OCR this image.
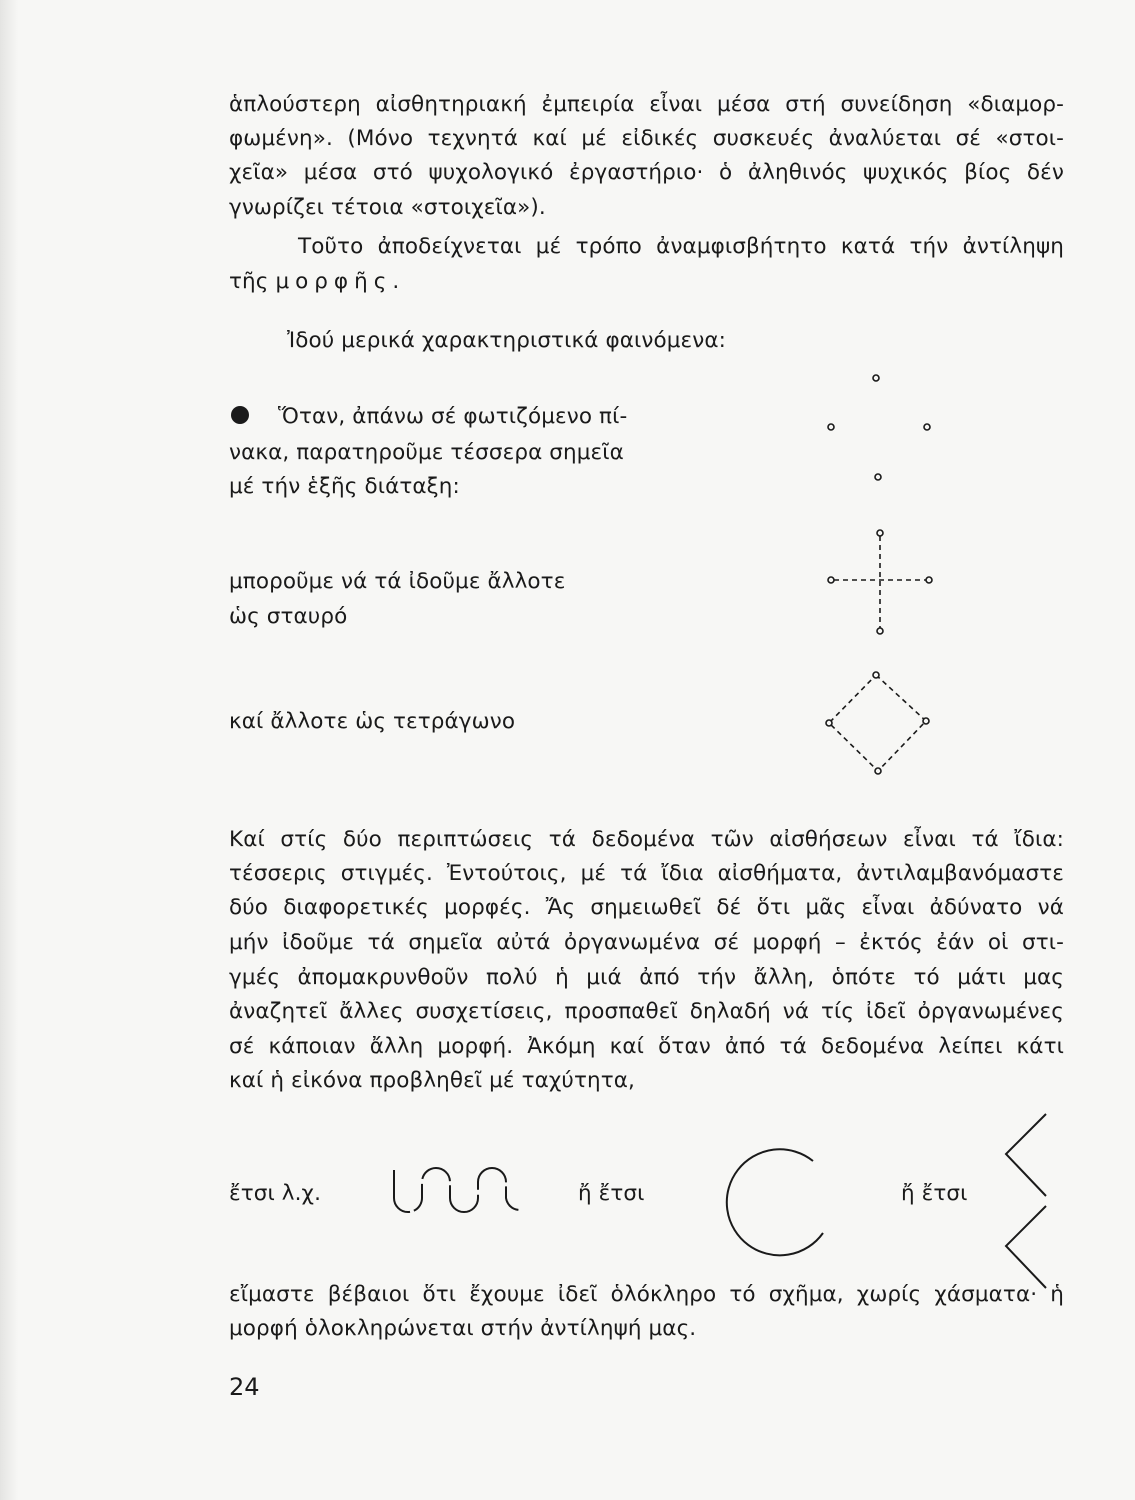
ἁπλούστερη αἰσθητηριακή ἐμπειρία εἶναι μέσα στή συνείδηση «διαμορ-
φωμένη». (Μόνο τεχνητά καί μέ εἰδικές συσκευές ἀναλύεται σέ «στοι-
χεῖα» μέσα στό ψυχολογικό ἐργαστήριο· ὁ ἀληθινός ψυχικός βίος δέν
γνωρίζει τέτοια «στοιχεῖα»).
Τοῦτο ἀποδείχνεται μέ τρόπο ἀναμφισβήτητο κατά τήν ἀντίληψη
τῆς μορφῆς.
Ἰδού μερικά χαρακτηριστικά φαινόμενα:
Ὅταν, ἀπάνω σέ φωτιζόμενο πί-
νακα, παρατηροῦμε τέσσερα σημεῖα
μέ τήν ἑξῆς διάταξη:
μποροῦμε νά τά ἰδοῦμε ἄλλοτε
ὡς σταυρό
καί ἄλλοτε ὡς τετράγωνο
Καί στίς δύο περιπτώσεις τά δεδομένα τῶν αἰσθήσεων εἶναι τά ἴδια:
τέσσερις στιγμές. Ἐντούτοις, μέ τά ἴδια αἰσθήματα, ἀντιλαμβανόμαστε
δύο διαφορετικές μορφές. Ἄς σημειωθεῖ δέ ὅτι μᾶς εἶναι ἀδύνατο νά
μήν ἰδοῦμε τά σημεῖα αὐτά ὀργανωμένα σέ μορφή – ἐκτός ἐάν οἱ στι-
γμές ἀπομακρυνθοῦν πολύ ἡ μιά ἀπό τήν ἄλλη, ὁπότε τό μάτι μας
ἀναζητεῖ ἄλλες συσχετίσεις, προσπαθεῖ δηλαδή νά τίς ἰδεῖ ὀργανωμένες
σέ κάποιαν ἄλλη μορφή. Ἀκόμη καί ὅταν ἀπό τά δεδομένα λείπει κάτι
καί ἡ εἰκόνα προβληθεῖ μέ ταχύτητα,
ἔτσι λ.χ.	ἤ ἔτσι	ἤ ἔτσι
εἴμαστε βέβαιοι ὅτι ἔχουμε ἰδεῖ ὁλόκληρο τό σχῆμα, χωρίς χάσματα· ἡ
μορφή ὁλοκληρώνεται στήν ἀντίληψή μας.
24
